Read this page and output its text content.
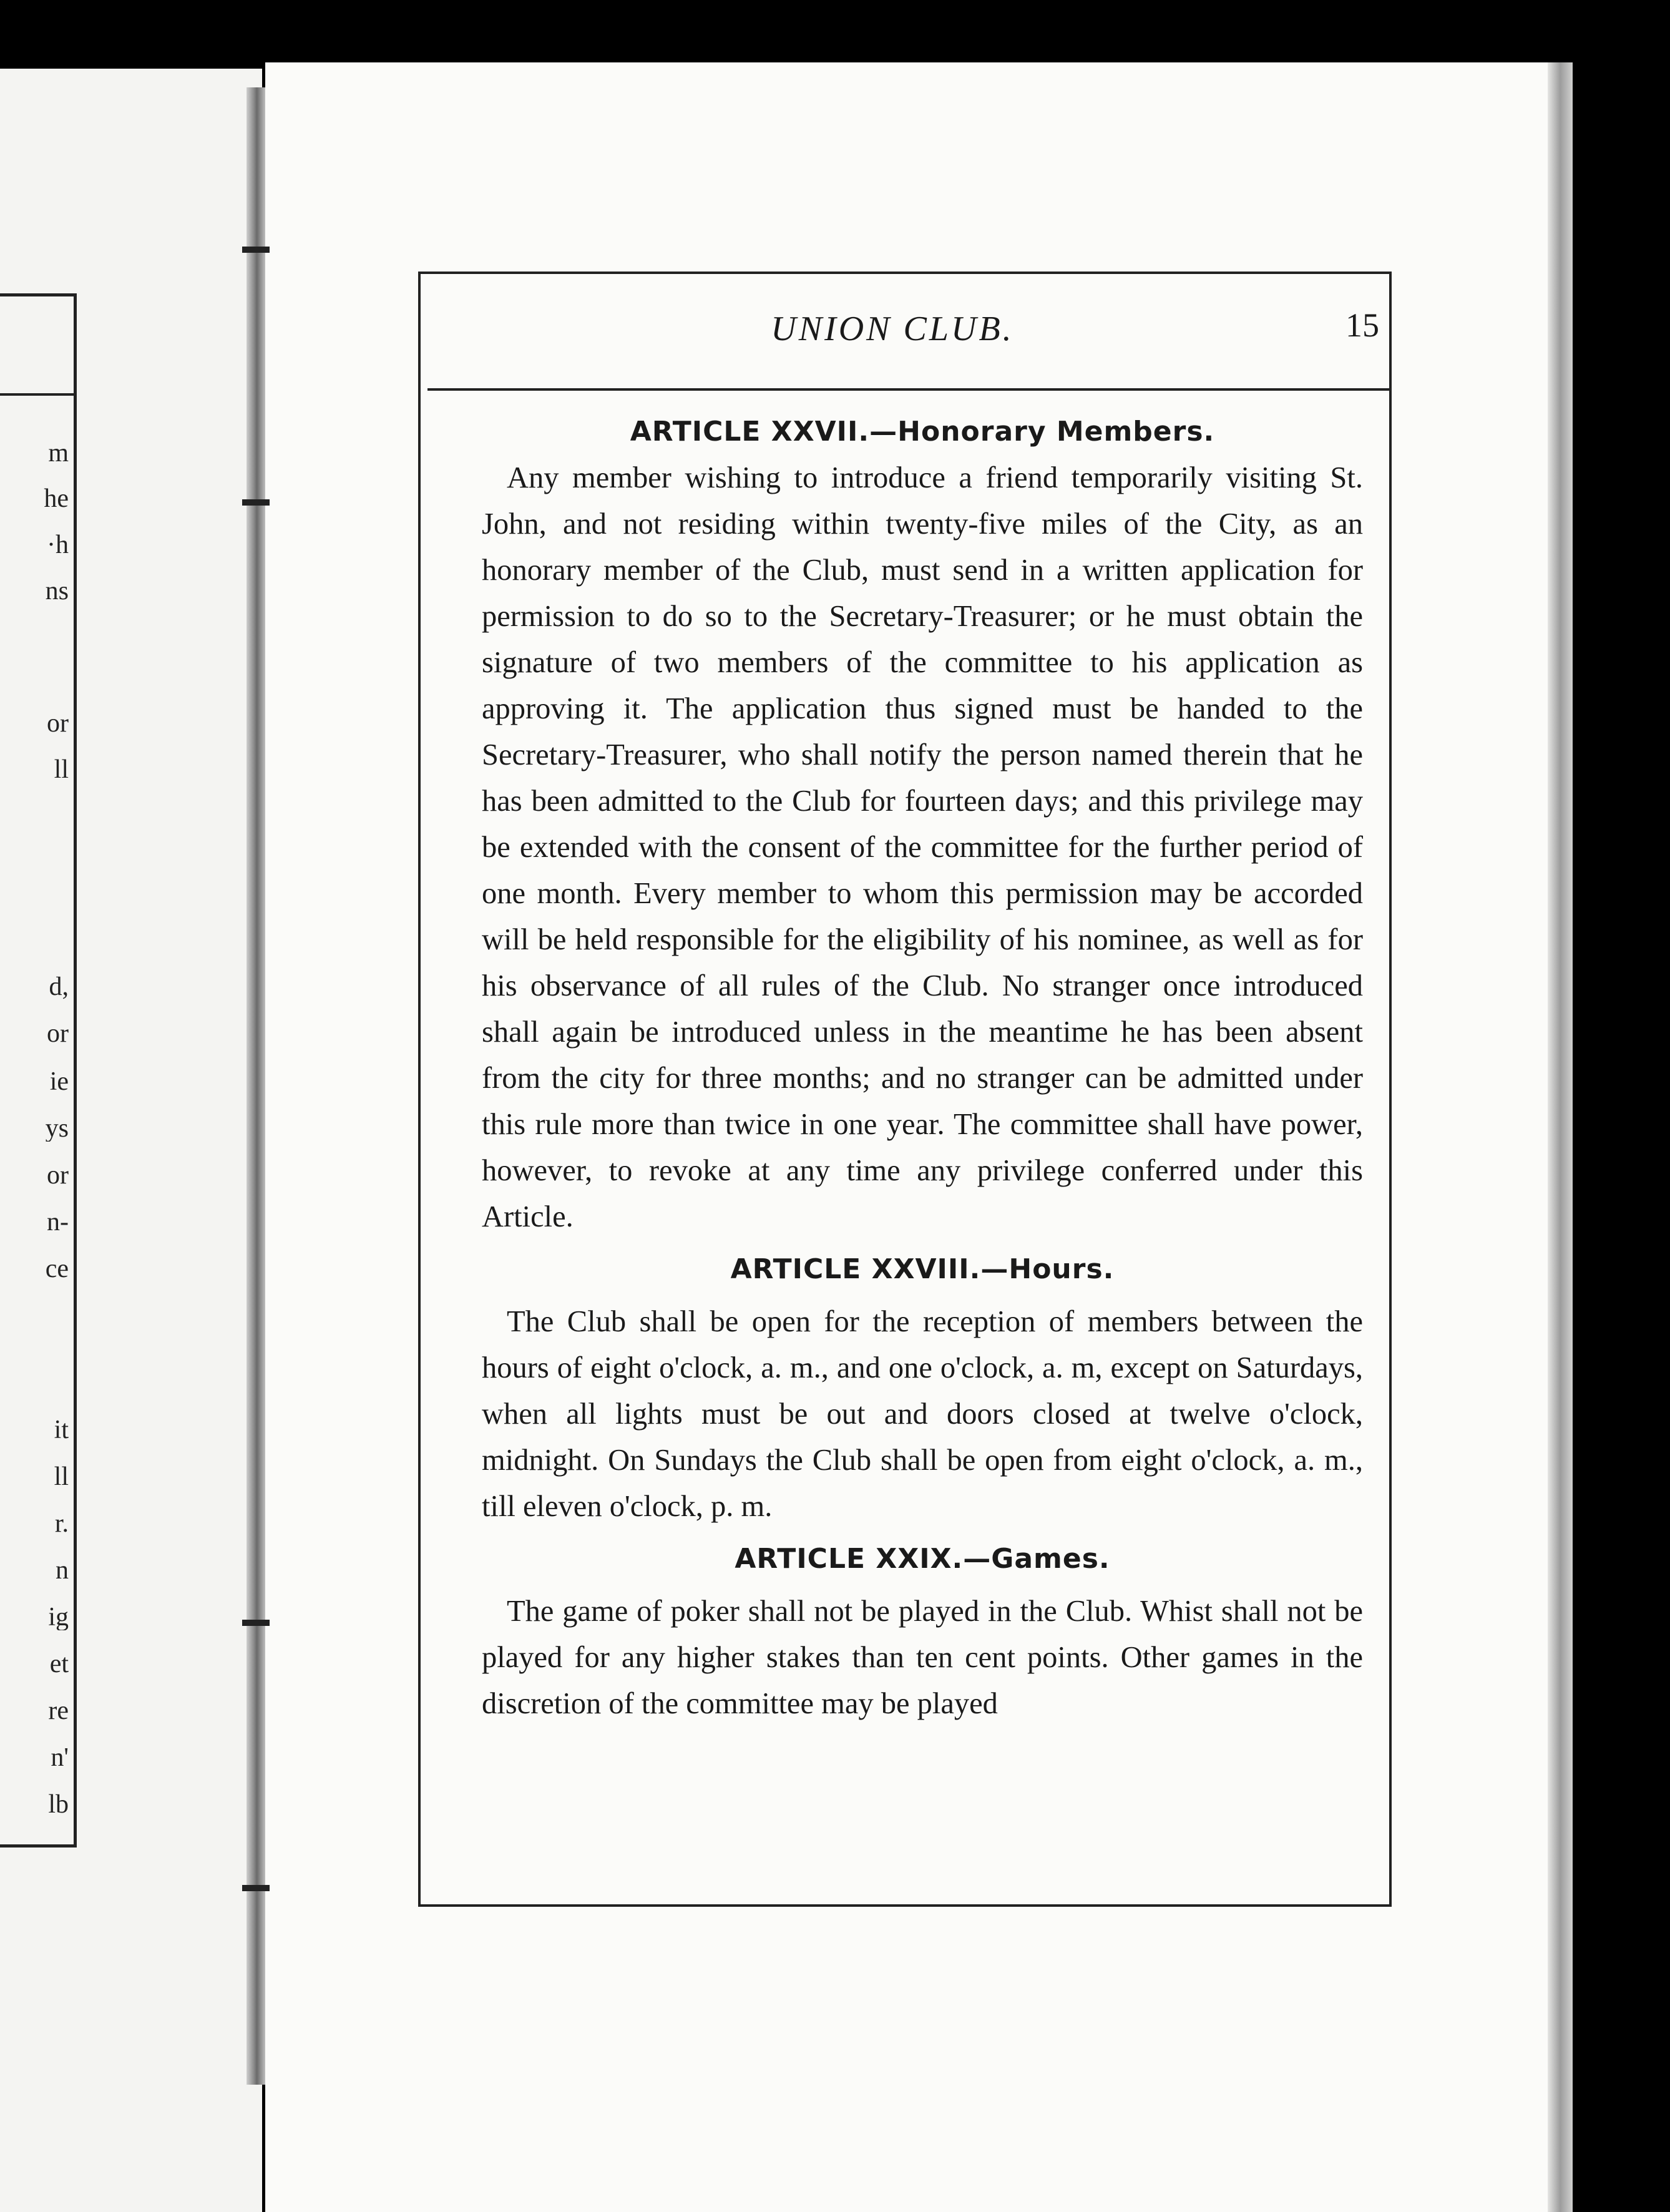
m
he
·h
ns
or
ll
d,
or
ie
ys
or
n-
ce
it
ll
r.
n
ig
et
re
n'
lb
UNION CLUB.	15
ARTICLE XXVII.—Honorary Members.

Any member wishing to introduce a friend temporarily visiting St. John, and not residing within twenty-five miles of the City, as an honorary member of the Club, must send in a written application for permission to do so to the Secretary-Treasurer; or he must obtain the signature of two members of the committee to his application as approving it. The application thus signed must be handed to the Secretary-Treasurer, who shall notify the person named therein that he has been admitted to the Club for fourteen days; and this privilege may be extended with the consent of the committee for the further period of one month. Every member to whom this permission may be accorded will be held responsible for the eligibility of his nominee, as well as for his observance of all rules of the Club. No stranger once introduced shall again be introduced unless in the meantime he has been absent from the city for three months; and no stranger can be admitted under this rule more than twice in one year. The committee shall have power, however, to revoke at any time any privilege conferred under this Article.

ARTICLE XXVIII.—Hours.

The Club shall be open for the reception of members between the hours of eight o'clock, a. m., and one o'clock, a. m, except on Saturdays, when all lights must be out and doors closed at twelve o'clock, midnight. On Sundays the Club shall be open from eight o'clock, a. m., till eleven o'clock, p. m.

ARTICLE XXIX.—Games.

The game of poker shall not be played in the Club. Whist shall not be played for any higher stakes than ten cent points. Other games in the discretion of the committee may be played
